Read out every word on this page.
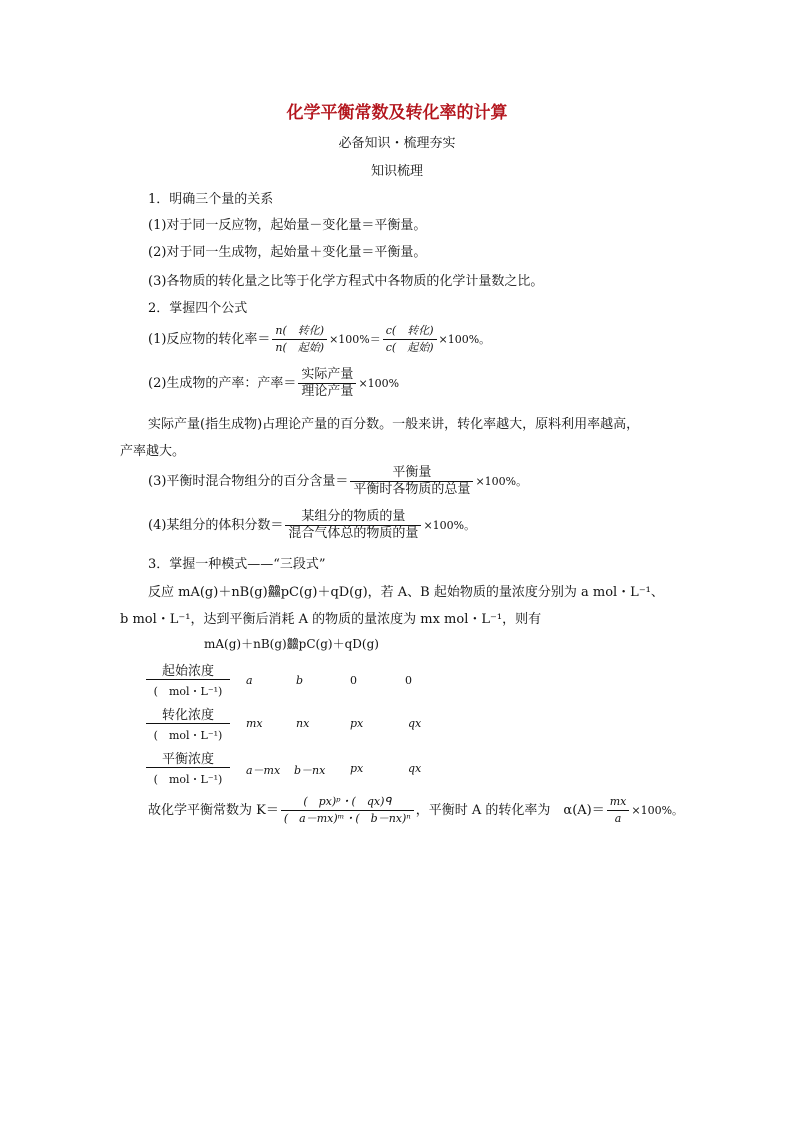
化学平衡常数及转化率的计算
必备知识・梳理夯实
知识梳理
1．明确三个量的关系
(1)对于同一反应物，起始量－变化量＝平衡量。
(2)对于同一生成物，起始量＋变化量＝平衡量。
(3)各物质的转化量之比等于化学方程式中各物质的化学计量数之比。
2．掌握四个公式
(1)反应物的转化率＝ $\frac{\text{n(　转化)}}{\text{n(　起始)}} \times 100\%= \frac{\text{c(　转化)}}{\text{c(　起始)}} \times 100\%$。
(2)生成物的产率：产率＝ $\frac{\text{实际产量}}{\text{理论产量}} \times 100\%$
实际产量(指生成物)占理论产量的百分数。一般来讲，转化率越大，原料利用率越高，
产率越大。
(3)平衡时混合物组分的百分含量＝ $\frac{\text{平衡量}}{\text{平衡时各物质的总量}} \times 100\%$。
(4)某组分的体积分数＝ $\frac{\text{某组分的物质的量}}{\text{混合气体总的物质的量}} \times 100\%$。
3．掌握一种模式——“三段式”
反应 mA(g)＋nB(g)䲜pC(g)＋qD(g)，若 A、B 起始物质的量浓度分别为 a mol・L⁻¹、
b mol・L⁻¹，达到平衡后消耗 A 的物质的量浓度为 mx mol・L⁻¹，则有
mA(g)＋nB(g)䲜pC(g)＋qD(g)
起始浓度
(　mol・L⁻¹)
a	b	0	0
转化浓度
(　mol・L⁻¹)
mx	nx	px	qx
平衡浓度
(　mol・L⁻¹)
a－mx b－nx px	qx
故化学平衡常数为 $K= \frac{\text{(　px)ᵖ・(　qx)ᑫ}}{\text{(　a－mx)ᵐ・(　b－nx)ⁿ}}$ ，平衡时 A 的转化率为　$\alpha(A)= \frac{mx}{a} \times 100\%$。
